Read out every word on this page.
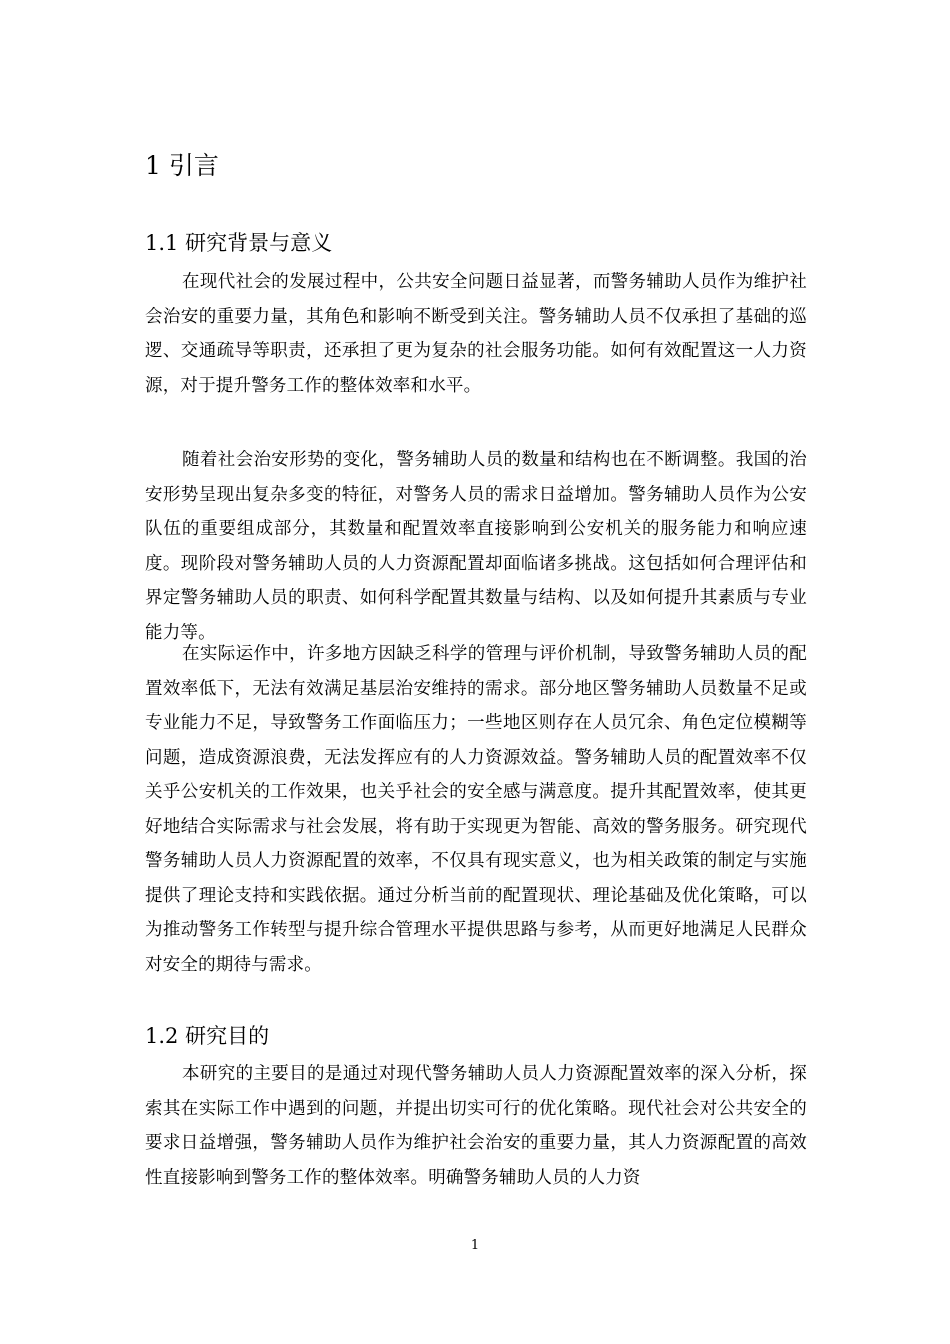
1 引言
1.1 研究背景与意义

在现代社会的发展过程中，公共安全问题日益显著，而警务辅助人员作为维护社会治安的重要力量，其角色和影响不断受到关注。警务辅助人员不仅承担了基础的巡逻、交通疏导等职责，还承担了更为复杂的社会服务功能。如何有效配置这一人力资源，对于提升警务工作的整体效率和水平。

随着社会治安形势的变化，警务辅助人员的数量和结构也在不断调整。我国的治安形势呈现出复杂多变的特征，对警务人员的需求日益增加。警务辅助人员作为公安队伍的重要组成部分，其数量和配置效率直接影响到公安机关的服务能力和响应速度。现阶段对警务辅助人员的人力资源配置却面临诸多挑战。这包括如何合理评估和界定警务辅助人员的职责、如何科学配置其数量与结构、以及如何提升其素质与专业能力等。

在实际运作中，许多地方因缺乏科学的管理与评价机制，导致警务辅助人员的配置效率低下，无法有效满足基层治安维持的需求。部分地区警务辅助人员数量不足或专业能力不足，导致警务工作面临压力；一些地区则存在人员冗余、角色定位模糊等问题，造成资源浪费，无法发挥应有的人力资源效益。警务辅助人员的配置效率不仅关乎公安机关的工作效果，也关乎社会的安全感与满意度。提升其配置效率，使其更好地结合实际需求与社会发展，将有助于实现更为智能、高效的警务服务。研究现代警务辅助人员人力资源配置的效率，不仅具有现实意义，也为相关政策的制定与实施提供了理论支持和实践依据。通过分析当前的配置现状、理论基础及优化策略，可以为推动警务工作转型与提升综合管理水平提供思路与参考，从而更好地满足人民群众对安全的期待与需求。

1.2 研究目的

本研究的主要目的是通过对现代警务辅助人员人力资源配置效率的深入分析，探索其在实际工作中遇到的问题，并提出切实可行的优化策略。现代社会对公共安全的要求日益增强，警务辅助人员作为维护社会治安的重要力量，其人力资源配置的高效性直接影响到警务工作的整体效率。明确警务辅助人员的人力资

1
